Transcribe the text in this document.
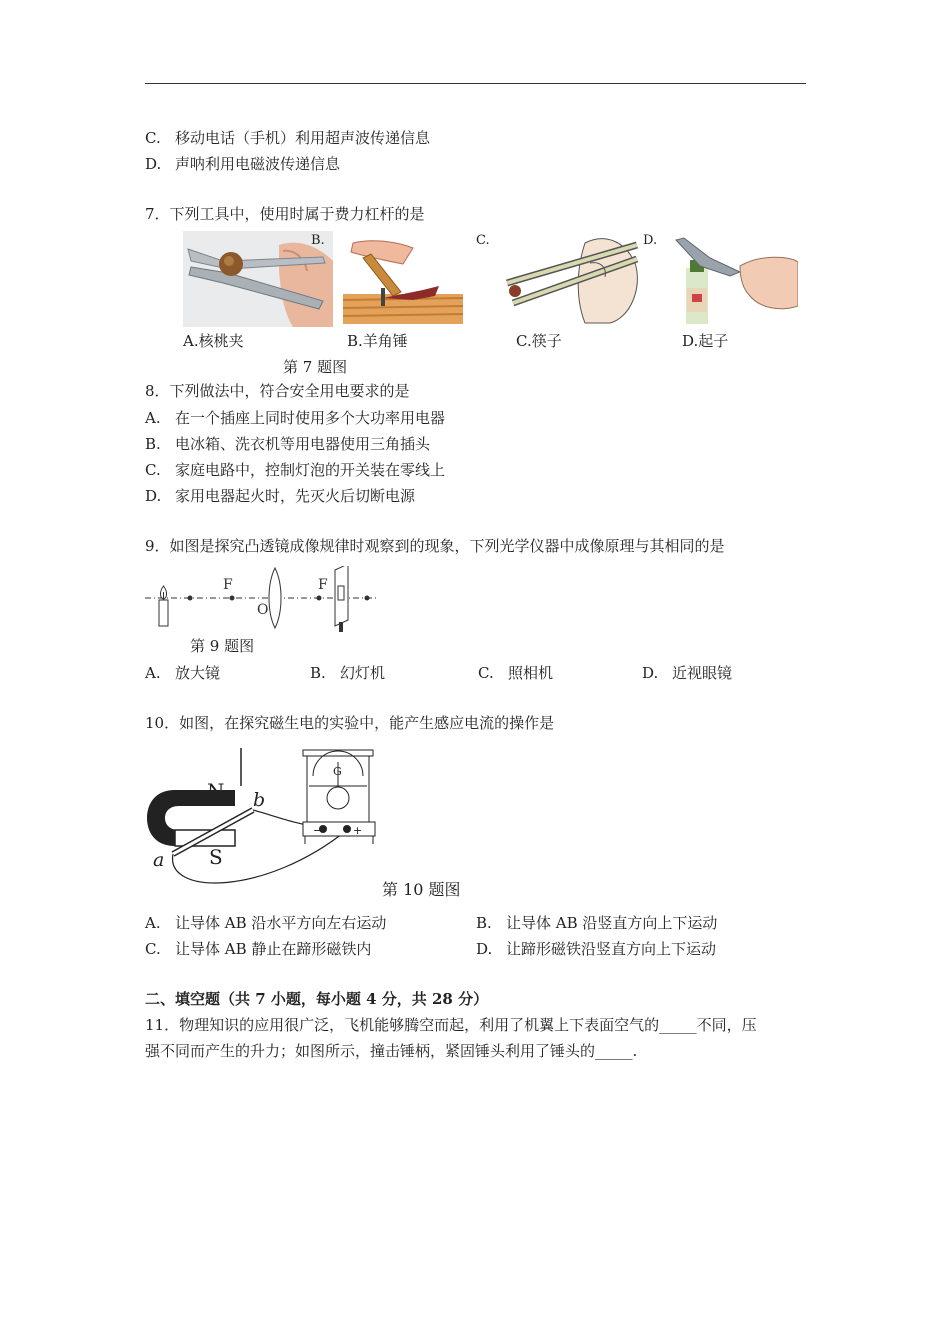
C. 移动电话（手机）利用超声波传递信息
D. 声呐利用电磁波传递信息
7．下列工具中，使用时属于费力杠杆的是
B.	C.	D.
A.核桃夹	B.羊角锤	C.筷子	D.起子
第 7 题图
8．下列做法中，符合安全用电要求的是
A. 在一个插座上同时使用多个大功率用电器
B. 电冰箱、洗衣机等用电器使用三角插头
C. 家庭电路中，控制灯泡的开关装在零线上
D. 家用电器起火时，先灭火后切断电源
9．如图是探究凸透镜成像规律时观察到的现象，下列光学仪器中成像原理与其相同的是
F
O
F
第 9 题图
A. 放大镜	B. 幻灯机	C. 照相机	D. 近视眼镜
10．如图，在探究磁生电的实验中，能产生感应电流的操作是
N
S
b
a
G
−	+
第 10 题图
A. 让导体 AB 沿水平方向左右运动	B. 让导体 AB 沿竖直方向上下运动
C. 让导体 AB 静止在蹄形磁铁内	D. 让蹄形磁铁沿竖直方向上下运动
二、填空题（共 7 小题，每小题 4 分，共 28 分）
11．物理知识的应用很广泛，飞机能够腾空而起，利用了机翼上下表面空气的_____不同，压
强不同而产生的升力；如图所示，撞击锤柄，紧固锤头利用了锤头的_____.
